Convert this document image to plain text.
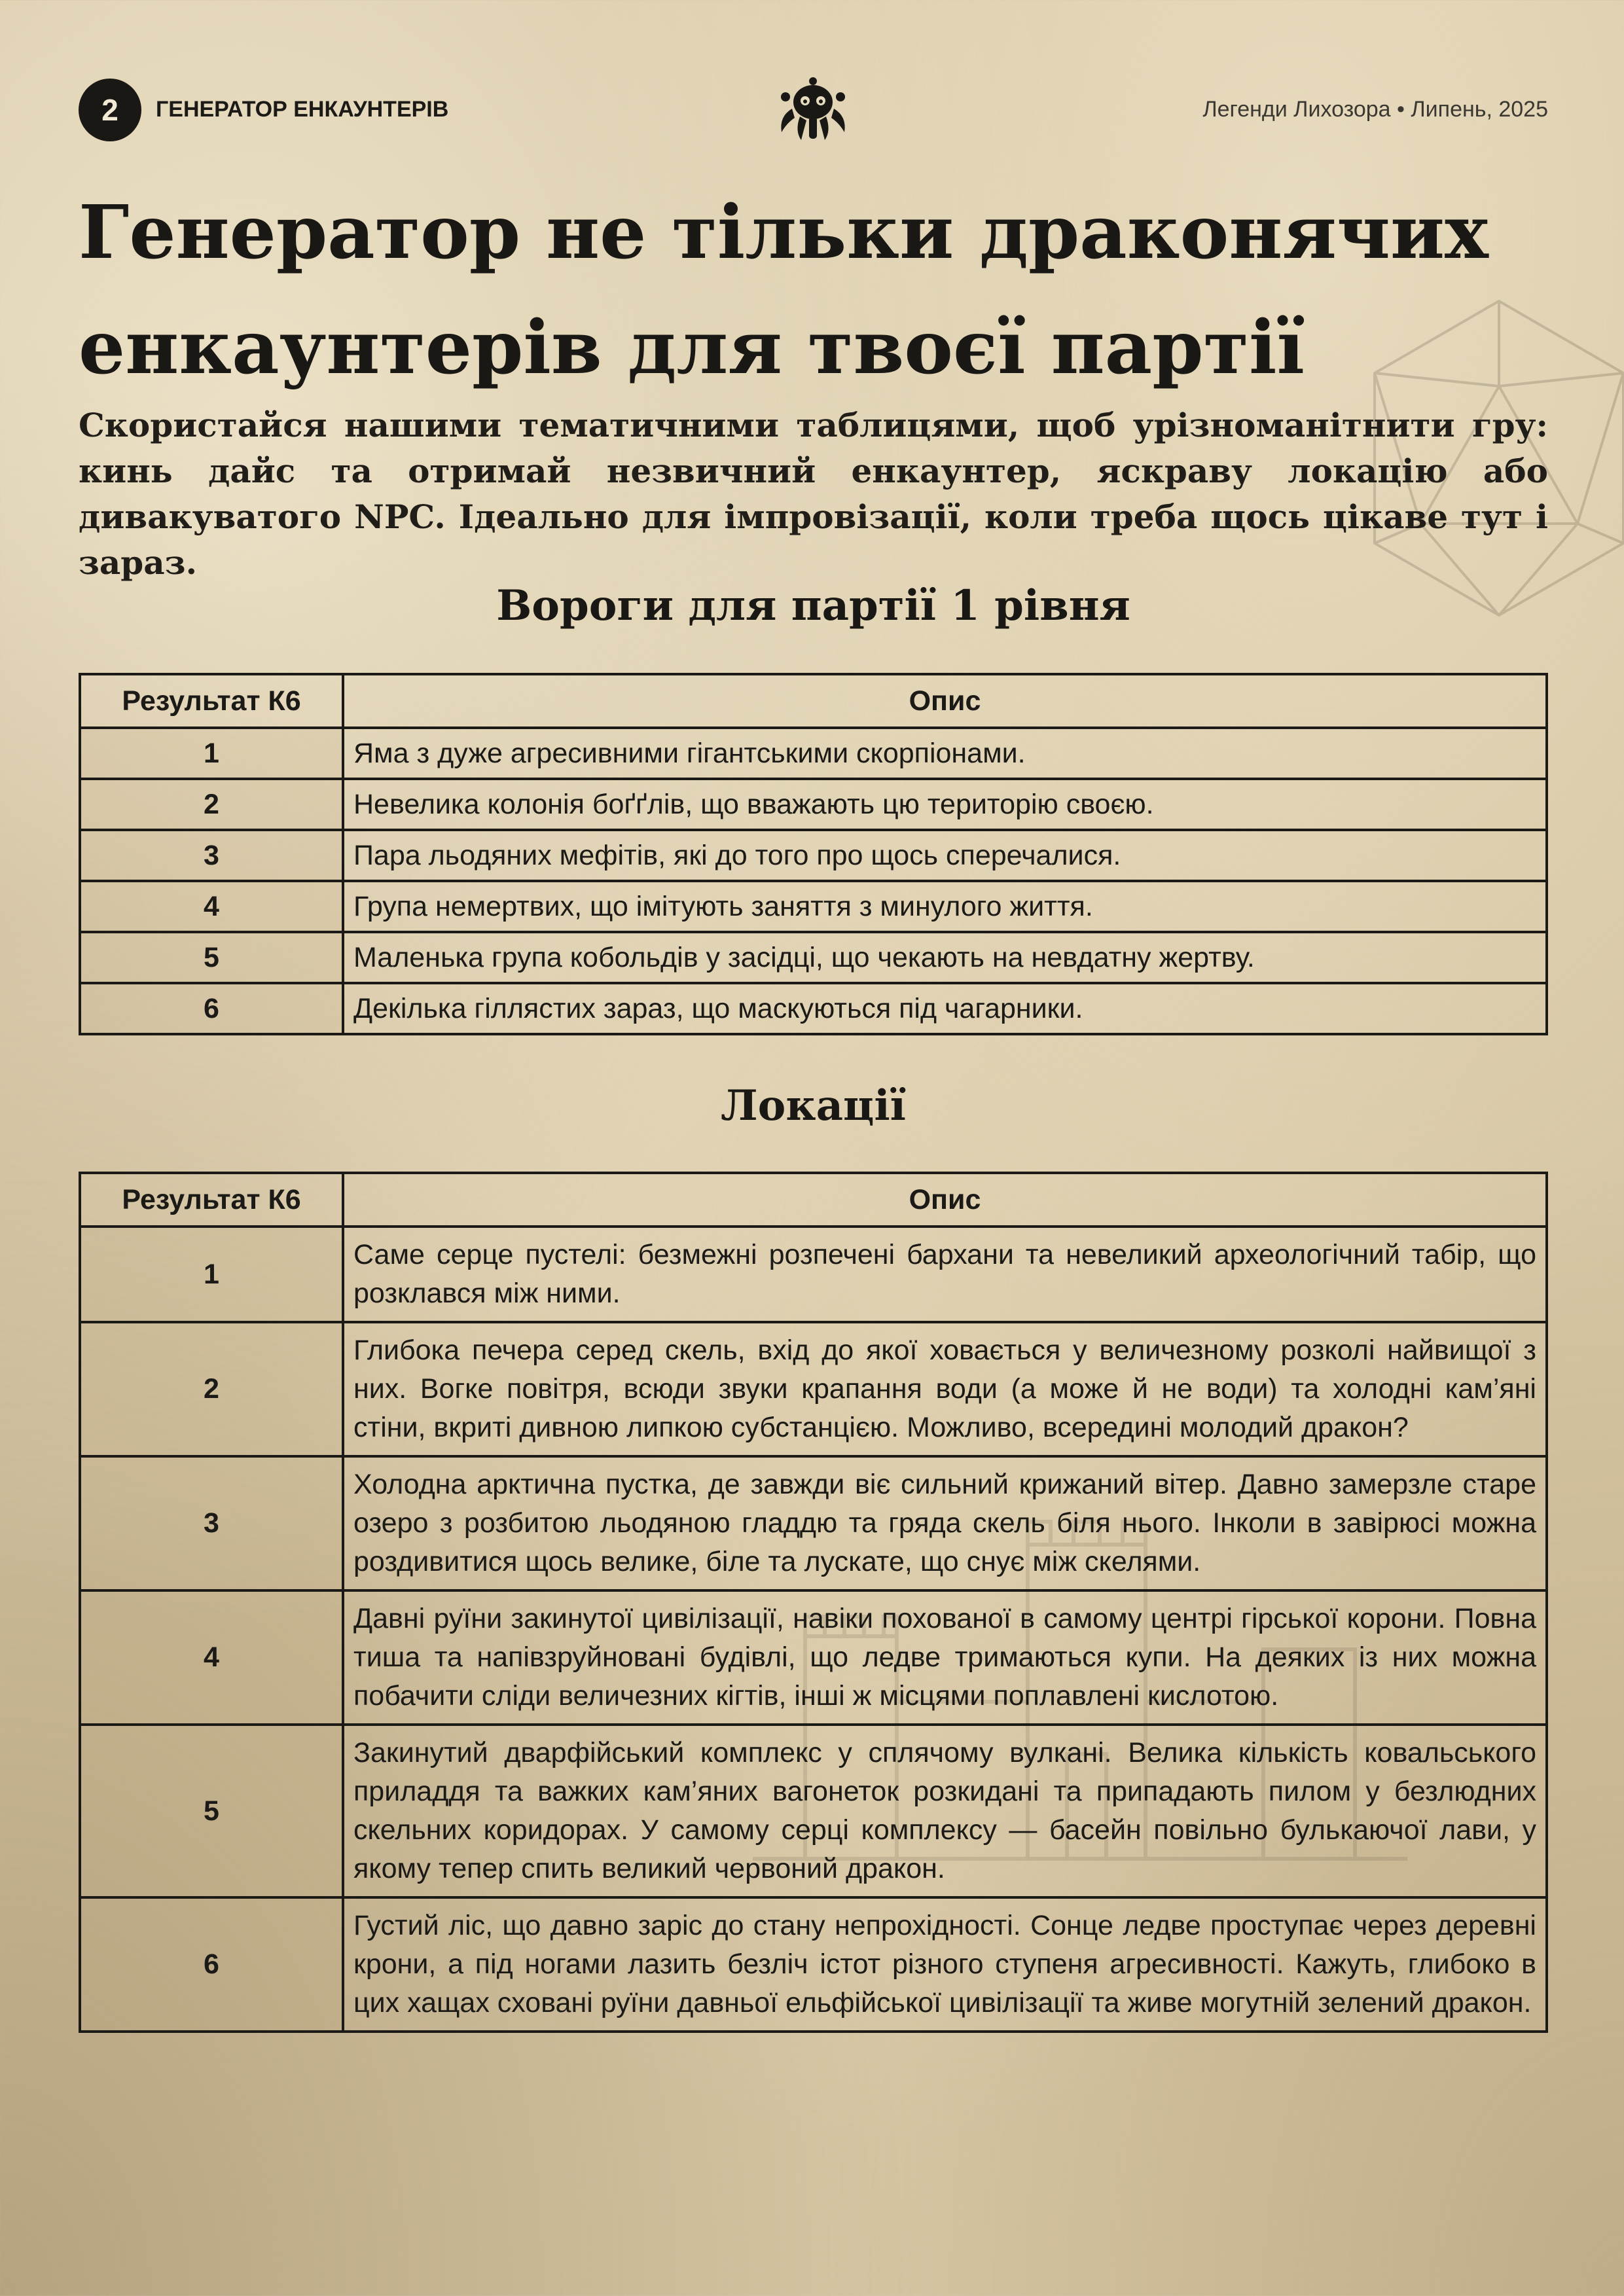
2	ГЕНЕРАТОР ЕНКАУНТЕРІВ	Легенди Лихозора • Липень, 2025
Генератор не тільки драконячих
енкаунтерів для твоєї партії

Скористайся нашими тематичними таблицями, щоб урізноманітнити гру: кинь дайс та отримай незвичний енкаунтер, яскраву локацію або дивакуватого NPC. Ідеально для імпровізації, коли треба щось цікаве тут і зараз.

Вороги для партії 1 рівня
Результат К6	Опис
1	Яма з дуже агресивними гігантськими скорпіонами.
2	Невелика колонія боґґлів, що вважають цю територію своєю.
3	Пара льодяних мефітів, які до того про щось сперечалися.
4	Група немертвих, що імітують заняття з минулого життя.
5	Маленька група кобольдів у засідці, що чекають на невдатну жертву.
6	Декілька гіллястих зараз, що маскуються під чагарники.
Локації
Результат К6	Опис
1	Саме серце пустелі: безмежні розпечені бархани та невеликий археологічний табір, що розклався між ними.
2	Глибока печера серед скель, вхід до якої ховається у величезному розколі найвищої з них. Вогке повітря, всюди звуки крапання води (а може й не води) та холодні кам’яні стіни, вкриті дивною липкою субстанцією. Можливо, всередині молодий дракон?
3	Холодна арктична пустка, де завжди віє сильний крижаний вітер. Давно замерзле старе озеро з розбитою льодяною гладдю та гряда скель біля нього. Інколи в завірюсі можна роздивитися щось велике, біле та лускате, що снує між скелями.
4	Давні руїни закинутої цивілізації, навіки похованої в самому центрі гірської корони. Повна тиша та напівзруйновані будівлі, що ледве тримаються купи. На деяких із них можна побачити сліди величезних кігтів, інші ж місцями поплавлені кислотою.
5	Закинутий дварфійський комплекс у сплячому вулкані. Велика кількість ковальського приладдя та важких кам’яних вагонеток розкидані та припадають пилом у безлюдних скельних коридорах. У самому серці комплексу — басейн повільно булькаючої лави, у якому тепер спить великий червоний дракон.
6	Густий ліс, що давно заріс до стану непрохідності. Сонце ледве проступає через деревні крони, а під ногами лазить безліч істот різного ступеня агресивності. Кажуть, глибоко в цих хащах сховані руїни давньої ельфійської цивілізації та живе могутній зелений дракон.
